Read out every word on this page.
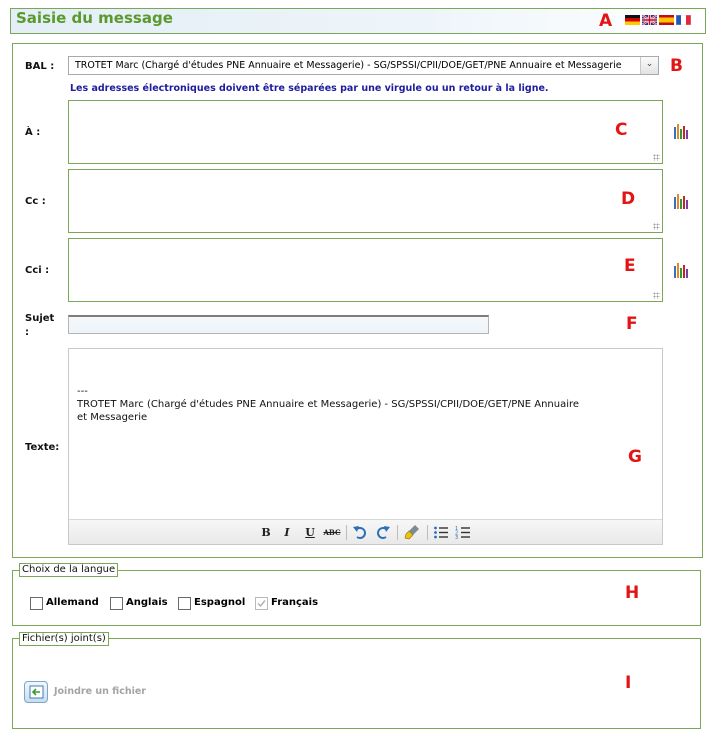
Saisie du message	A
BAL :	TROTET Marc (Chargé d'études PNE Annuaire et Messagerie) - SG/SPSSI/CPII/DOE/GET/PNE Annuaire et Messagerie	⌄ B
Les adresses électroniques doivent être séparées par une virgule ou un retour à la ligne.
À :	C
Cc :	D
Cci :	E
Sujet
:	F
Texte:
---
TROTET Marc (Chargé d'études PNE Annuaire et Messagerie) - SG/SPSSI/CPII/DOE/GET/PNE Annuaire
et Messagerie
B	I	U	ABC	1
2
3
G
Choix de la langue
Allemand	Anglais	Espagnol	Français	H
Fichier(s) joint(s)
Joindre un fichier	I
